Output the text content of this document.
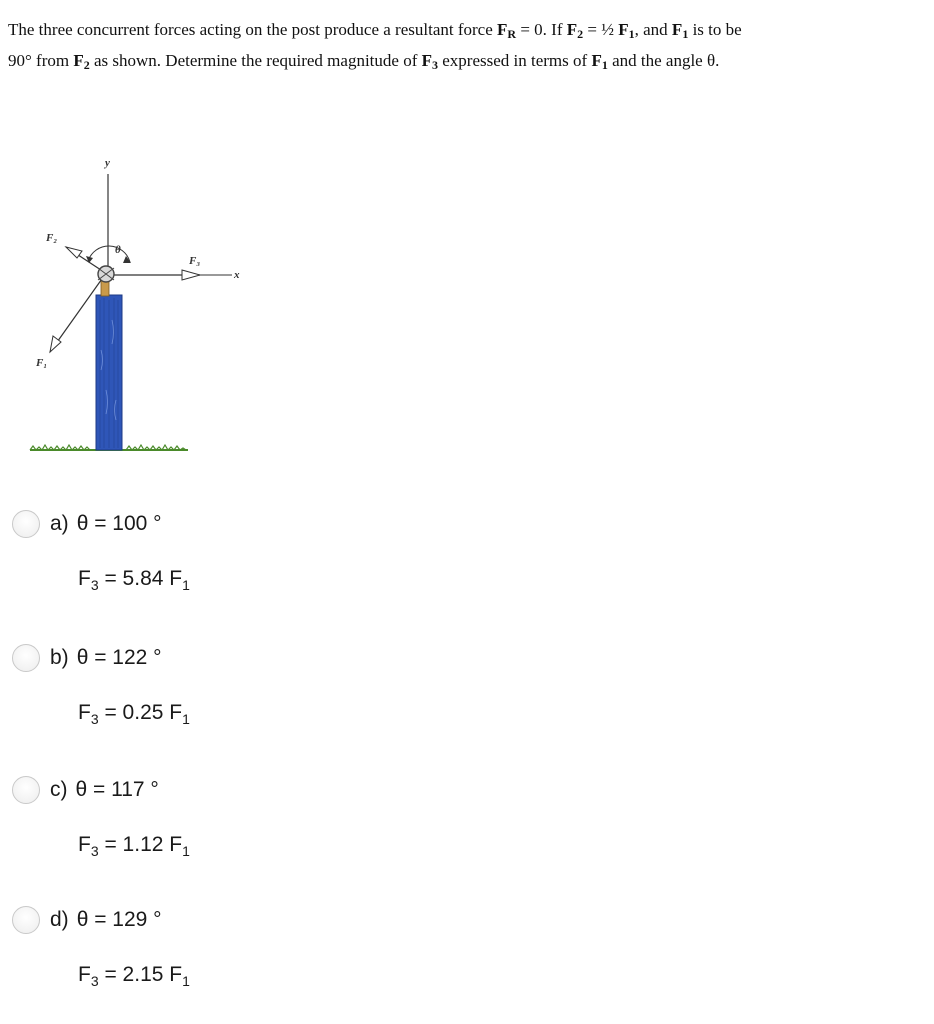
The three concurrent forces acting on the post produce a resultant force $F_R = 0$. If $F_2$ = ½ $F_1$, and $F_1$ is to be
90° from $F_2$ as shown. Determine the required magnitude of $F_3$ expressed in terms of $F_1$ and the angle θ.
y
F₃
x
F₂
F₁
θ
a) θ = 100 °
$F_3 = 5.84$ $F_1$
b) θ = 122 °
$F_3 = 0.25$ $F_1$
c) θ = 117 °
$F_3 = 1.12$ $F_1$
d) θ = 129 °
$F_3 = 2.15$ $F_1$
